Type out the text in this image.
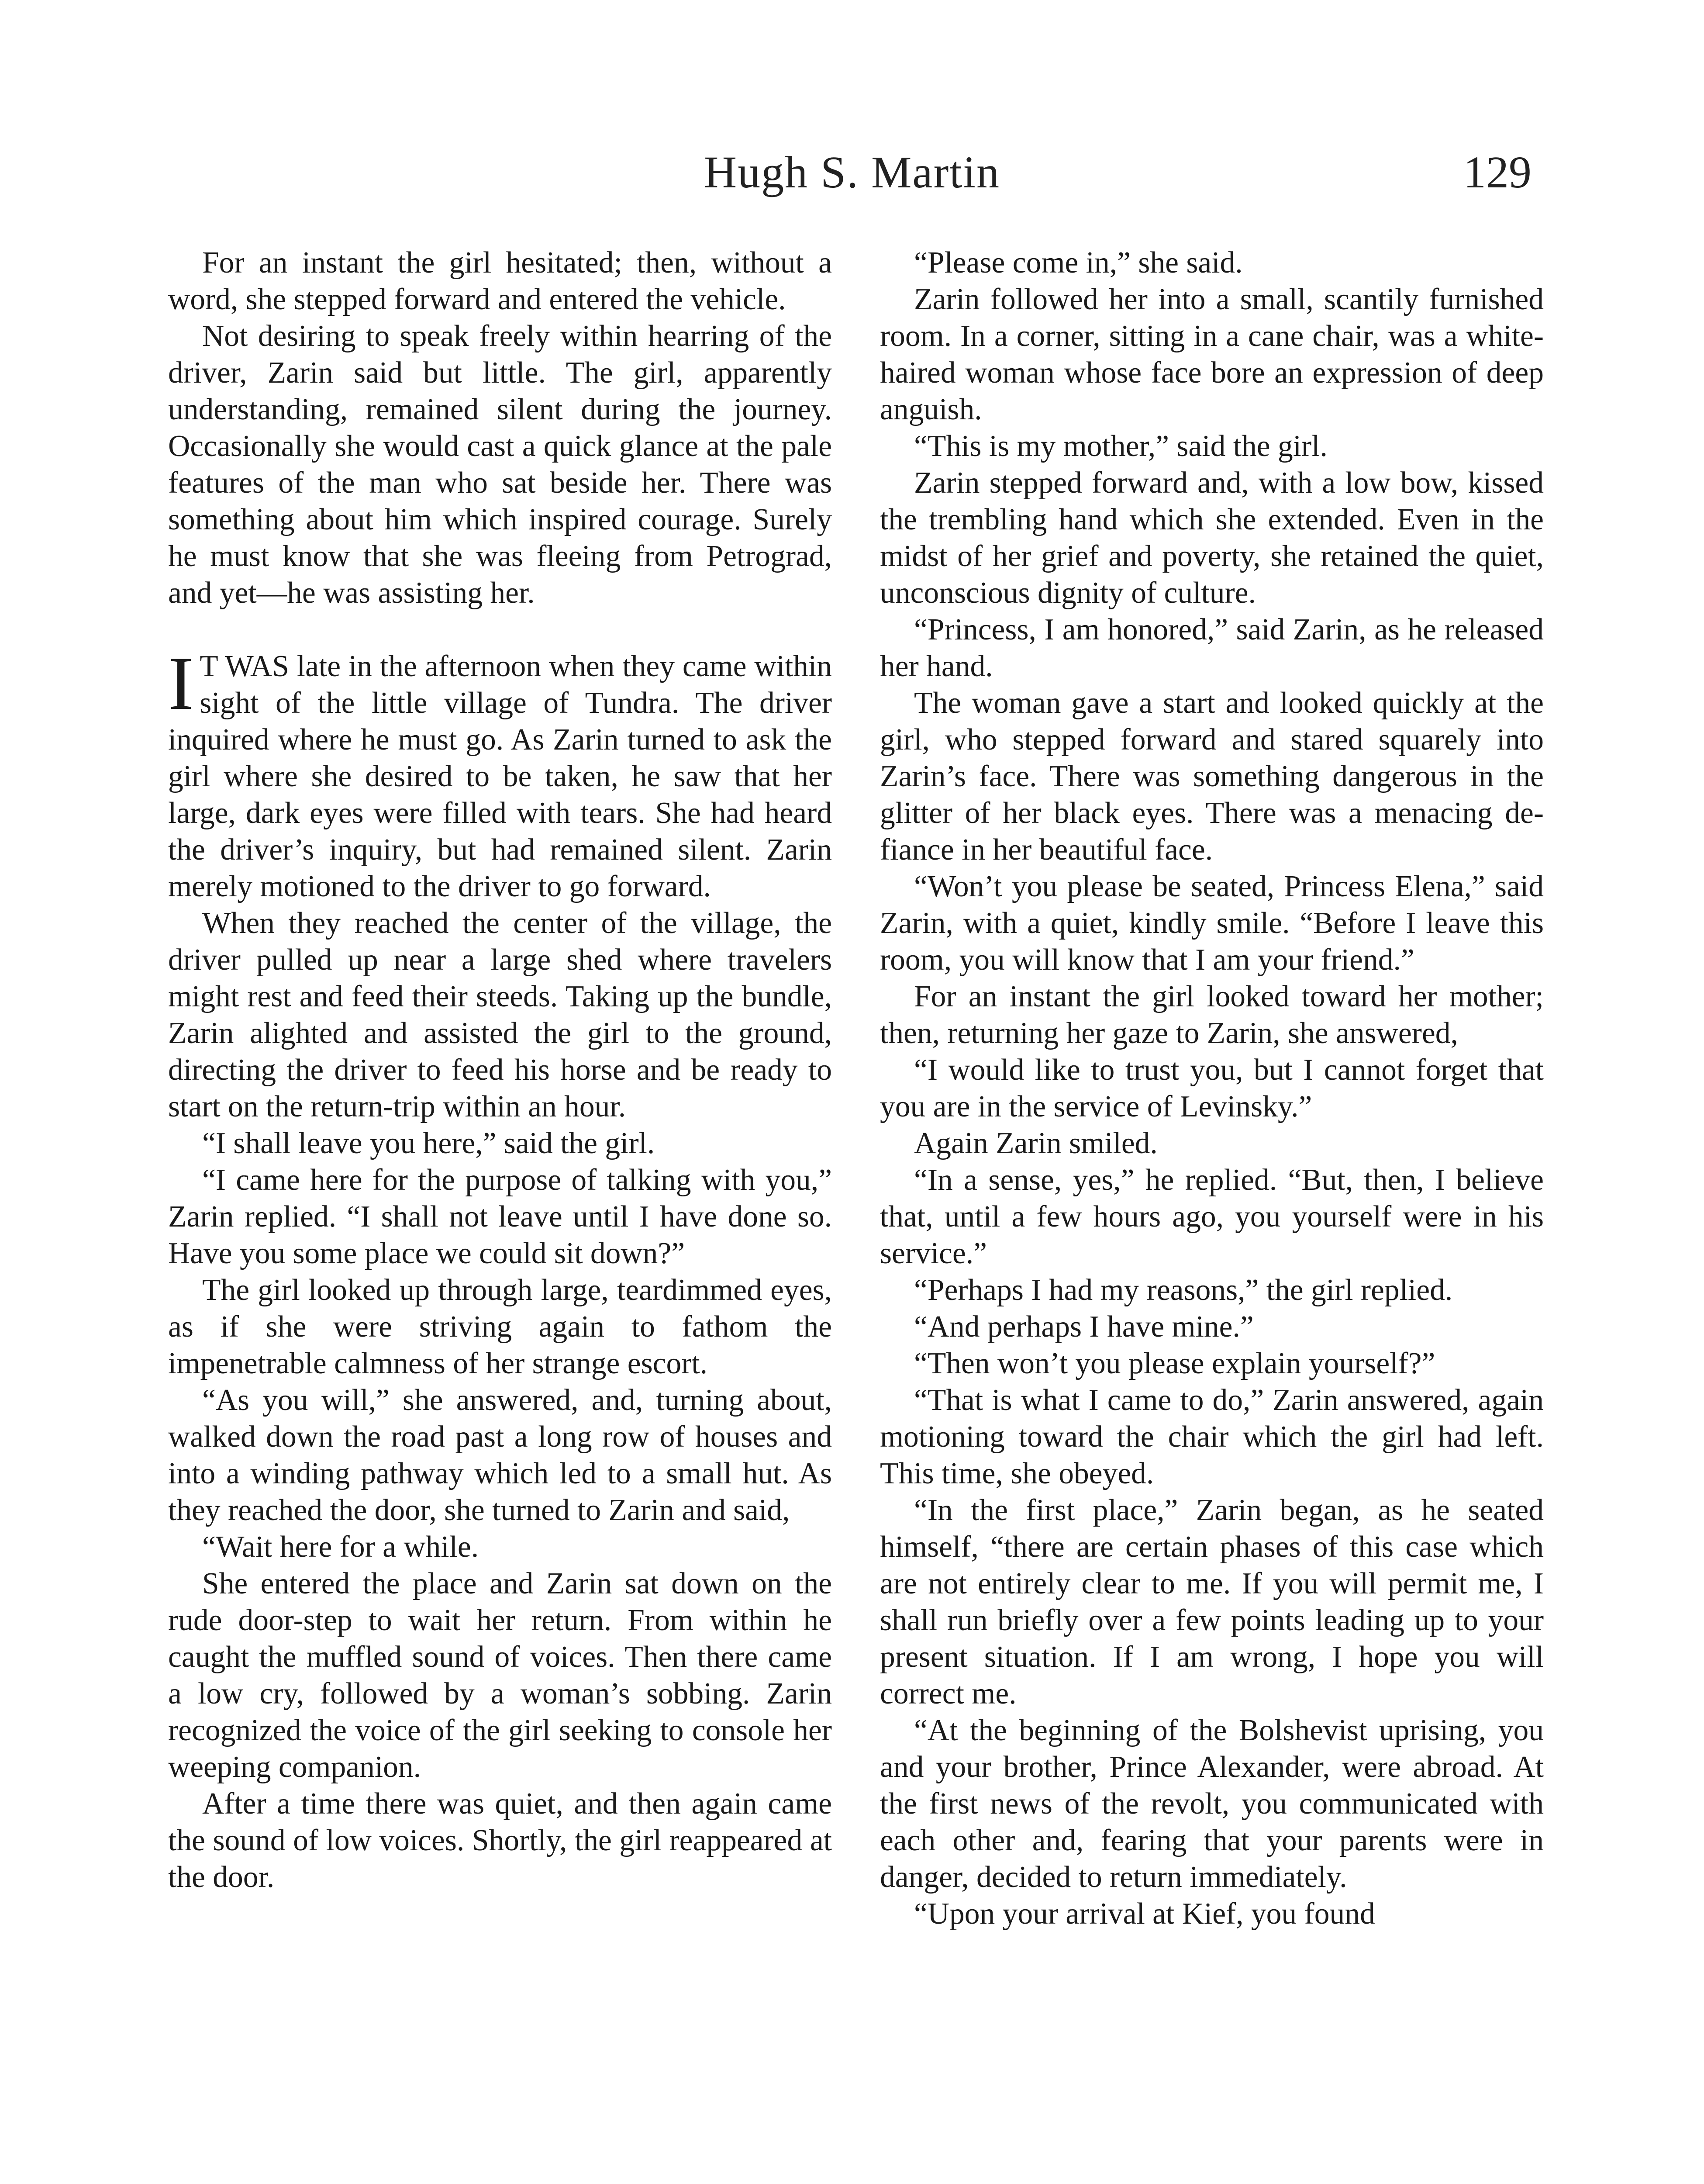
Hugh S. Martin	129

For an instant the girl hesitated; then, without a word, she stepped forward and entered the vehicle.

Not desiring to speak freely within hearring of the driver, Zarin said but little. The girl, apparently understanding, remained silent during the journey. Occasionally she would cast a quick glance at the pale features of the man who sat beside her. There was something about him which inspired courage. Surely he must know that she was fleeing from Petrograd, and yet—he was assisting her.

I T WAS late in the afternoon when they came within sight of the little village of Tundra. The driver inquired where he must go. As Zarin turned to ask the girl where she desired to be taken, he saw that her large, dark eyes were filled with tears. She had heard the driver’s inquiry, but had remained silent. Zarin merely motioned to the driver to go forward.

When they reached the center of the village, the driver pulled up near a large shed where travelers might rest and feed their steeds. Taking up the bundle, Zarin alighted and assisted the girl to the ground, directing the driver to feed his horse and be ready to start on the return-trip within an hour.

“I shall leave you here,” said the girl.

“I came here for the purpose of talking with you,” Zarin replied. “I shall not leave until I have done so. Have you some place we could sit down?”

The girl looked up through large, teardimmed eyes, as if she were striving again to fathom the impenetrable calmness of her strange escort.

“As you will,” she answered, and, turning about, walked down the road past a long row of houses and into a winding pathway which led to a small hut. As they reached the door, she turned to Zarin and said,

“Wait here for a while.

She entered the place and Zarin sat down on the rude door-step to wait her return. From within he caught the muffled sound of voices. Then there came a low cry, followed by a woman’s sobbing. Zarin recognized the voice of the girl seeking to console her weeping companion.

After a time there was quiet, and then again came the sound of low voices. Shortly, the girl reappeared at the door.

“Please come in,” she said.

Zarin followed her into a small, scantily furnished room. In a corner, sitting in a cane chair, was a white-haired woman whose face bore an expression of deep anguish.

“This is my mother,” said the girl.

Zarin stepped forward and, with a low bow, kissed the trembling hand which she extended. Even in the midst of her grief and poverty, she retained the quiet, unconscious dignity of culture.

“Princess, I am honored,” said Zarin, as he released her hand.

The woman gave a start and looked quickly at the girl, who stepped forward and stared squarely into Zarin’s face. There was something dangerous in the glitter of her black eyes. There was a menacing defiance in her beautiful face.

“Won’t you please be seated, Princess Elena,” said Zarin, with a quiet, kindly smile. “Before I leave this room, you will know that I am your friend.”

For an instant the girl looked toward her mother; then, returning her gaze to Zarin, she answered,

“I would like to trust you, but I cannot forget that you are in the service of Levinsky.”

Again Zarin smiled.

“In a sense, yes,” he replied. “But, then, I believe that, until a few hours ago, you yourself were in his service.”

“Perhaps I had my reasons,” the girl replied.

“And perhaps I have mine.”

“Then won’t you please explain yourself?”

“That is what I came to do,” Zarin answered, again motioning toward the chair which the girl had left. This time, she obeyed.

“In the first place,” Zarin began, as he seated himself, “there are certain phases of this case which are not entirely clear to me. If you will permit me, I shall run briefly over a few points leading up to your present situation. If I am wrong, I hope you will correct me.

“At the beginning of the Bolshevist uprising, you and your brother, Prince Alexander, were abroad. At the first news of the revolt, you communicated with each other and, fearing that your parents were in danger, decided to return immediately.

“Upon your arrival at Kief, you found
